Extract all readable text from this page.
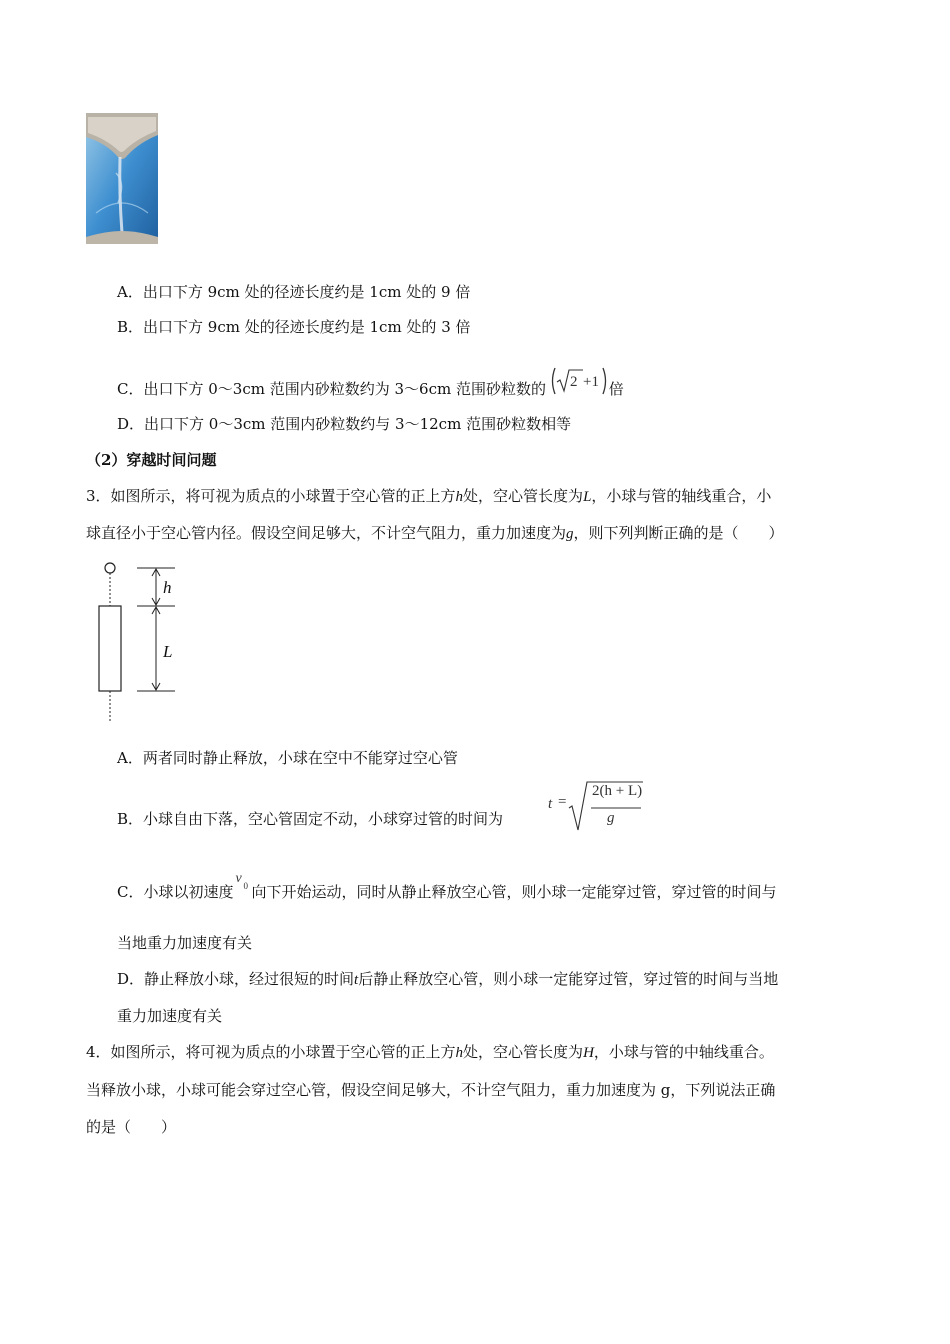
A．出口下方 9cm 处的径迹长度约是 1cm 处的 9 倍
B．出口下方 9cm 处的径迹长度约是 1cm 处的 3 倍
C．出口下方 0～3cm 范围内砂粒数约为 3～6cm 范围砂粒数的 2 +1 倍
D．出口下方 0～3cm 范围内砂粒数约与 3～12cm 范围砂粒数相等
（2）穿越时间问题
3．如图所示，将可视为质点的小球置于空心管的正上方h处，空心管长度为L，小球与管的轴线重合，小
球直径小于空心管内径。假设空间足够大，不计空气阻力，重力加速度为g，则下列判断正确的是（　　）
h
L
A．两者同时静止释放，小球在空中不能穿过空心管
B．小球自由下落，空心管固定不动，小球穿过管的时间为
t =
2(h + L)
g
C．小球以初速度
v 0 向下开始运动，同时从静止释放空心管，则小球一定能穿过管，穿过管的时间与
当地重力加速度有关
D．静止释放小球，经过很短的时间t后静止释放空心管，则小球一定能穿过管，穿过管的时间与当地
重力加速度有关
4．如图所示，将可视为质点的小球置于空心管的正上方h处，空心管长度为H，小球与管的中轴线重合。
当释放小球，小球可能会穿过空心管，假设空间足够大，不计空气阻力，重力加速度为 g，下列说法正确
的是（　　）
